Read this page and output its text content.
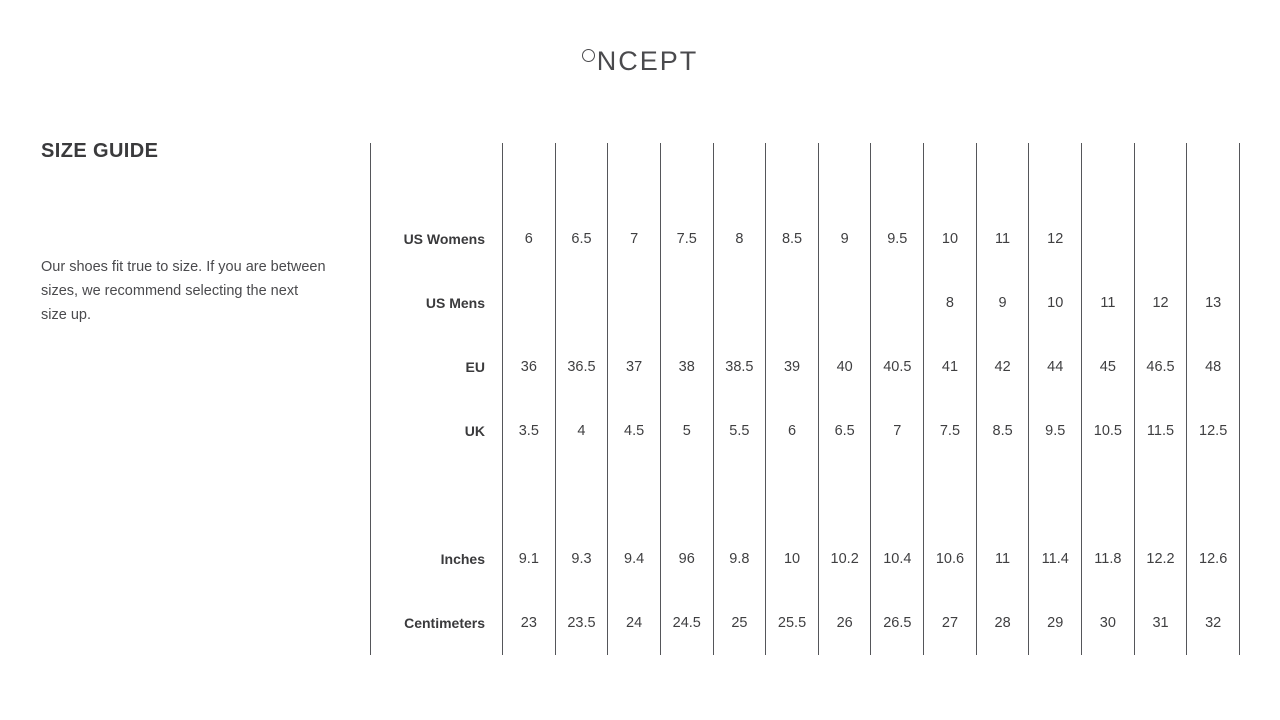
NCEPT
SIZE GUIDE

Our shoes fit true to size. If you are between sizes, we recommend selecting the next size up.

US Womens	6	6.5	7	7.5	8	8.5	9	9.5	10	11	12			
US Mens									8	9	10	11	12	13
EU	36	36.5	37	38	38.5	39	40	40.5	41	42	44	45	46.5	48
UK	3.5	4	4.5	5	5.5	6	6.5	7	7.5	8.5	9.5	10.5	11.5	12.5

Inches	9.1	9.3	9.4	96	9.8	10	10.2	10.4	10.6	11	11.4	11.8	12.2	12.6
Centimeters	23	23.5	24	24.5	25	25.5	26	26.5	27	28	29	30	31	32
